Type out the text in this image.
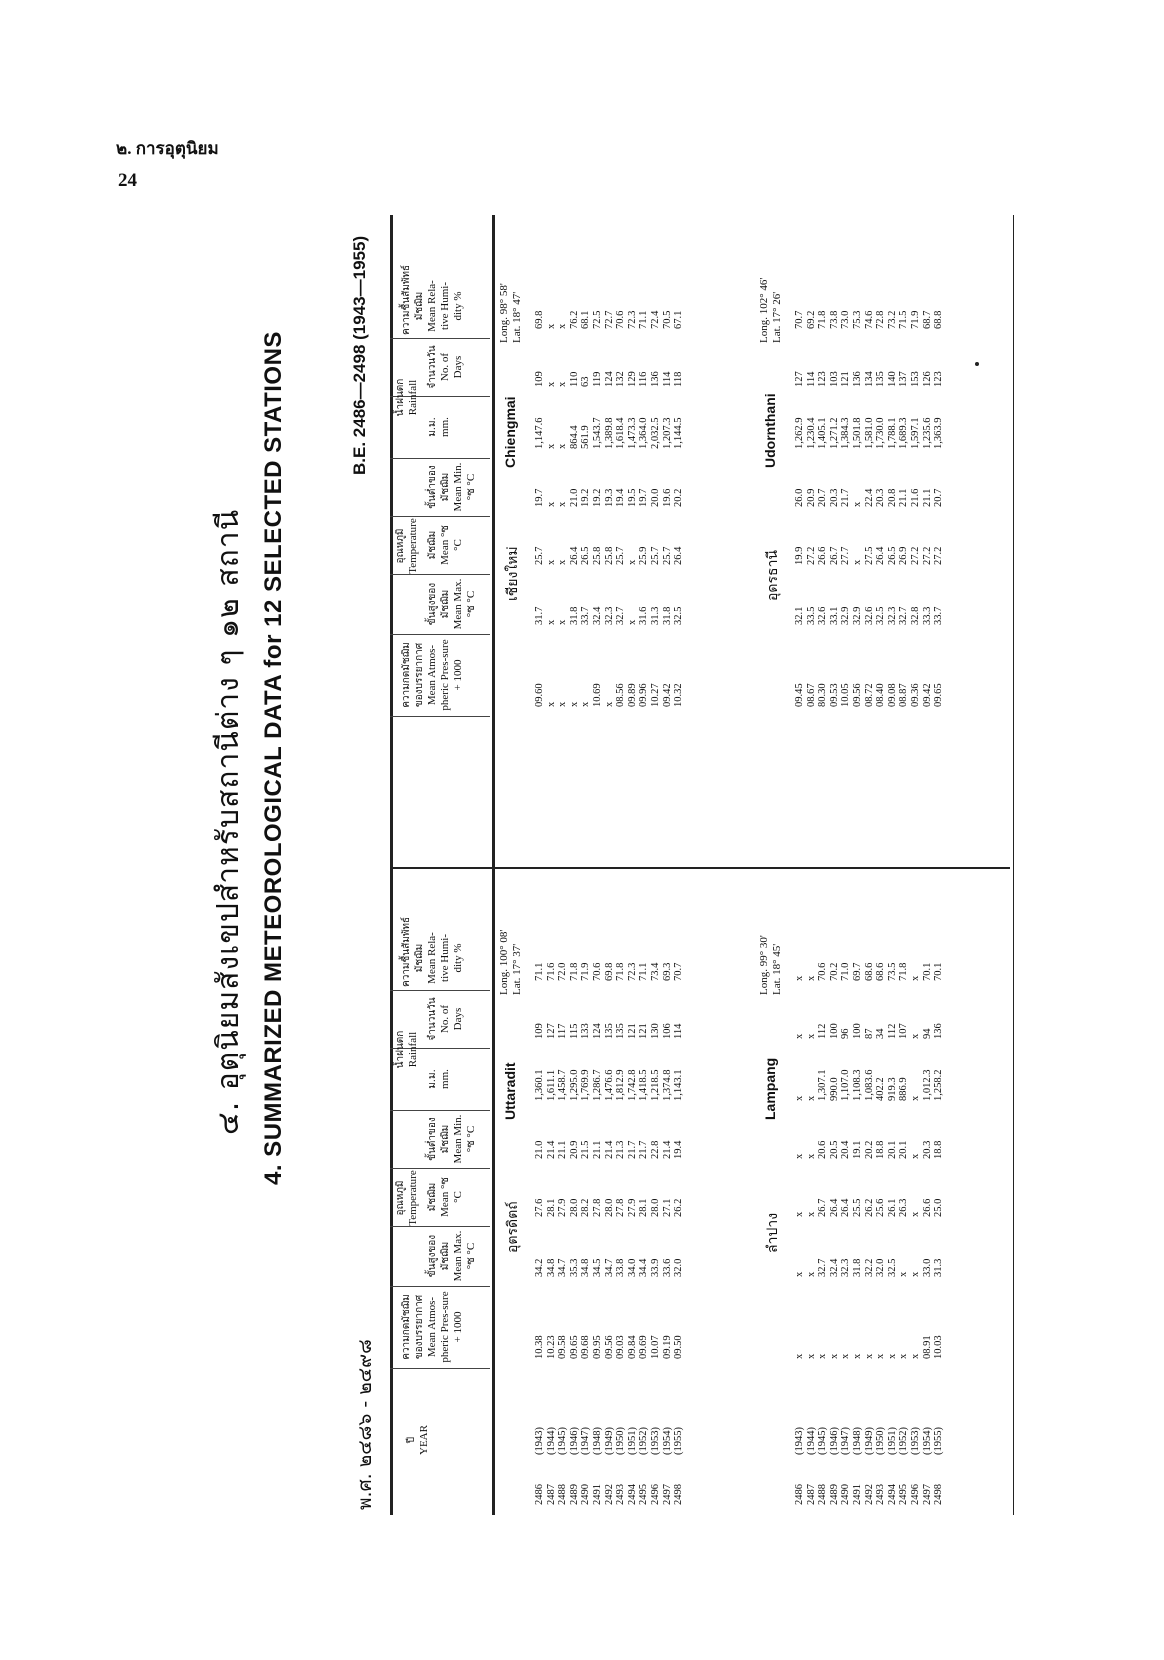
๒. การอุตุนิยม
24
๔. อุตุนิยมสังเขปสำหรับสถานีต่าง ๆ ๑๒ สถานี 4. SUMMARIZED METEOROLOGICAL DATA for 12 SELECTED STATIONS
พ.ศ. ๒๔๘๖ - ๒๔๙๘
B.E. 2486—2498 (1943—1955)
ปี YEAR
อุณหภูมิ Temperature
น้ำฝนตก Rainfall
ความกดมัชฌิมของบรรยากาศ Mean Atmos-pheric Pres-sure + 1000
ขั้นสูงของมัชฌิม Mean Max. °ซ °C
มัชฌิม Mean °ซ °C
ขั้นต่ำของมัชฌิม Mean Min. °ซ °C
ม.ม. mm.
จำนวนวัน No. of Days
ความชื้นสัมพัทธ์มัชฌิม Mean Rela-tive Humi-dity %
อุณหภูมิ Temperature
น้ำฝนตก Rainfall
ความกดมัชฌิมของบรรยากาศ Mean Atmos-pheric Pres-sure + 1000
ขั้นสูงของมัชฌิม Mean Max. °ซ °C
มัชฌิม Mean °ซ °C
ขั้นต่ำของมัชฌิม Mean Min. °ซ °C
ม.ม. mm.
จำนวนวัน No. of Days
ความชื้นสัมพัทธ์มัชฌิม Mean Rela-tive Humi-dity %
2486 2487 2488 2489 2490 2491 2492 2493 2494 2495 2496 2497 2498
(1943) (1944) (1945) (1946) (1947) (1948) (1949) (1950) (1951) (1952) (1953) (1954) (1955)
อุตรดิตถ์
Uttaradit
Long. 100° 08' Lat. 17° 37'
10.38 10.23 09.58 09.65 09.68 09.95 09.56 09.03 09.84 09.69 10.07 09.19 09.50
34.2 34.8 34.7 35.3 34.8 34.5 34.7 33.8 34.0 34.4 33.9 33.6 32.0
27.6 28.1 27.9 28.0 28.2 27.8 28.0 27.8 27.9 28.1 28.0 27.1 26.2
21.0 21.4 21.1 20.9 21.5 21.1 21.4 21.3 21.7 21.7 22.8 21.4 19.4
1,360.1 1,611.1 1,458.7 1,295.0 1,769.9 1,286.7 1,476.6 1,812.9 1,742.8 1,418.5 1,218.5 1,374.8 1,143.1
109 127 117 115 133 124 135 135 121 121 130 106 114
71.1 71.6 72.0 71.8 71.9 70.6 69.8 71.8 72.3 71.1 73.4 69.3 70.7
เชียงใหม่
Chiengmai
Long. 98° 58' Lat. 18° 47'
09.60 x x x x 10.69 x 08.56 09.89 09.96 10.27 09.42 10.32
31.7 x x 31.8 33.7 32.4 32.3 32.7 x 31.6 31.3 31.8 32.5
25.7 x x 26.4 26.5 25.8 25.8 25.7 x 25.9 25.7 25.7 26.4
19.7 x x 21.0 19.2 19.2 19.3 19.4 19.5 19.7 20.0 19.6 20.2
1,147.6 x x 864.4 561.9 1,543.7 1,389.8 1,618.4 1,473.3 1,364.0 2,032.5 1,207.3 1,144.5
109 x x 110 63 119 124 132 129 116 136 114 118
69.8 x x 76.2 68.1 72.5 72.7 70.6 72.3 71.1 72.4 70.5 67.1
2486 2487 2488 2489 2490 2491 2492 2493 2494 2495 2496 2497 2498
(1943) (1944) (1945) (1946) (1947) (1948) (1949) (1950) (1951) (1952) (1953) (1954) (1955)
ลำปาง
Lampang
Long. 99° 30' Lat. 18° 45'
x x x x x x x x x x x 08.91 10.03
x x 32.7 32.4 32.3 31.8 32.2 32.0 32.5 x x 33.0 31.3
x x 26.7 26.4 26.4 25.5 26.2 25.6 26.1 26.3 x 26.6 25.0
x x 20.6 20.5 20.4 19.1 20.2 18.8 20.1 20.1 x 20.3 18.8
x x 1,307.1 990.0 1,107.0 1,108.3 1,083.6 402.2 919.3 886.9 x 1,012.3 1,258.2
x x 112 100 96 100 87 34 112 107 x 94 136
x x 70.6 70.2 71.0 69.7 68.6 68.6 73.5 71.8 x 70.1 70.1
อุดรธานี
Udornthani
Long. 102° 46' Lat. 17° 26'
09.45 08.67 80.30 09.53 10.05 09.56 08.72 08.40 09.08 08.87 09.36 09.42 09.65
32.1 33.5 32.6 33.1 32.9 32.9 32.6 32.5 32.3 32.7 32.8 33.3 33.7
19.9 27.2 26.6 26.7 27.7 x 27.5 26.4 26.5 26.9 27.2 27.2 27.2
26.0 20.9 20.7 20.3 21.7 x 22.4 20.3 20.8 21.1 21.6 21.1 20.7
1,262.9 1,230.4 1,405.1 1,271.2 1,384.3 1,501.8 1,581.0 1,730.0 1,788.1 1,689.3 1,597.1 1,235.6 1,363.9
127 114 123 103 121 136 134 135 140 137 153 126 123
70.7 69.2 71.8 73.8 73.0 75.3 74.6 72.8 73.2 71.5 71.9 68.7 68.8
